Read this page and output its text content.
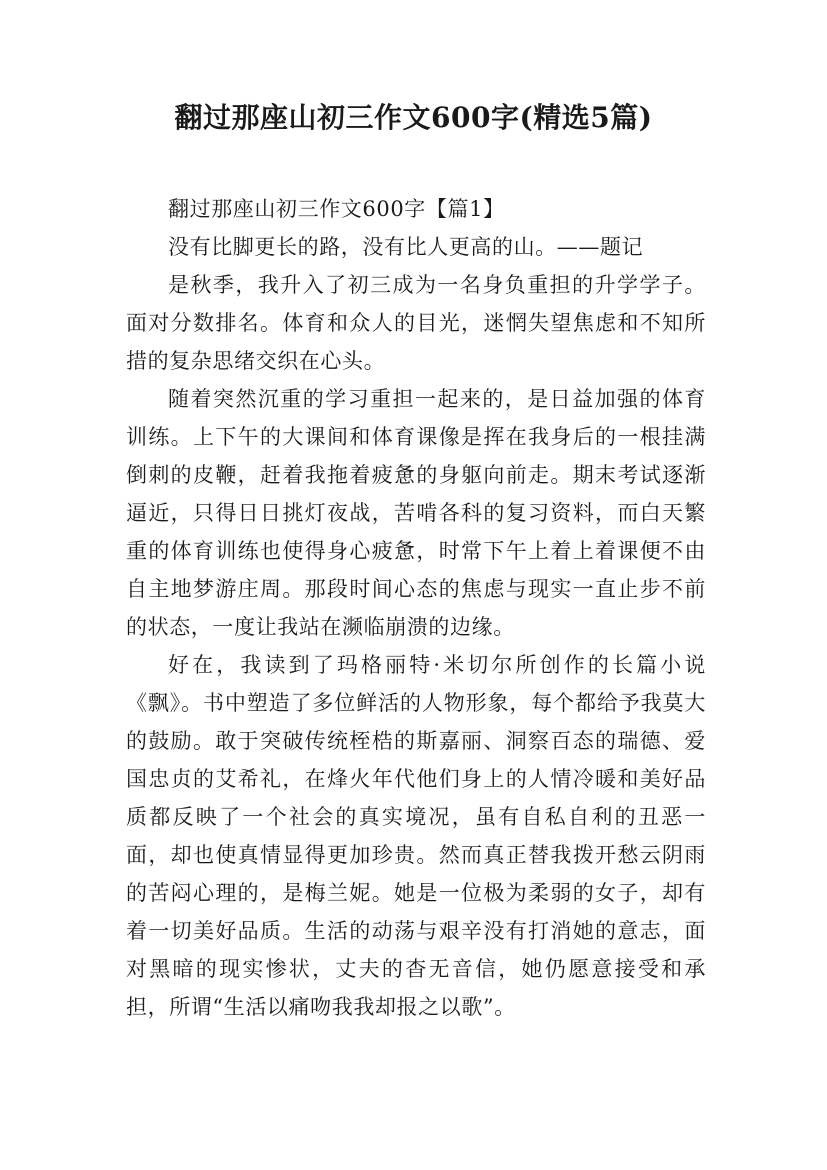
翻过那座山初三作文600字(精选5篇)

翻过那座山初三作文600字【篇1】

没有比脚更长的路，没有比人更高的山。——题记

是秋季，我升入了初三成为一名身负重担的升学学子。面对分数排名。体育和众人的目光，迷惘失望焦虑和不知所措的复杂思绪交织在心头。

随着突然沉重的学习重担一起来的，是日益加强的体育训练。上下午的大课间和体育课像是挥在我身后的一根挂满倒刺的皮鞭，赶着我拖着疲惫的身躯向前走。期末考试逐渐逼近，只得日日挑灯夜战，苦啃各科的复习资料，而白天繁重的体育训练也使得身心疲惫，时常下午上着上着课便不由自主地梦游庄周。那段时间心态的焦虑与现实一直止步不前的状态，一度让我站在濒临崩溃的边缘。

好在，我读到了玛格丽特·米切尔所创作的长篇小说《飘》。书中塑造了多位鲜活的人物形象，每个都给予我莫大的鼓励。敢于突破传统桎梏的斯嘉丽、洞察百态的瑞德、爱国忠贞的艾希礼，在烽火年代他们身上的人情冷暖和美好品质都反映了一个社会的真实境况，虽有自私自利的丑恶一面，却也使真情显得更加珍贵。然而真正替我拨开愁云阴雨的苦闷心理的，是梅兰妮。她是一位极为柔弱的女子，却有着一切美好品质。生活的动荡与艰辛没有打消她的意志，面对黑暗的现实惨状，丈夫的杳无音信，她仍愿意接受和承担，所谓“生活以痛吻我我却报之以歌”。
